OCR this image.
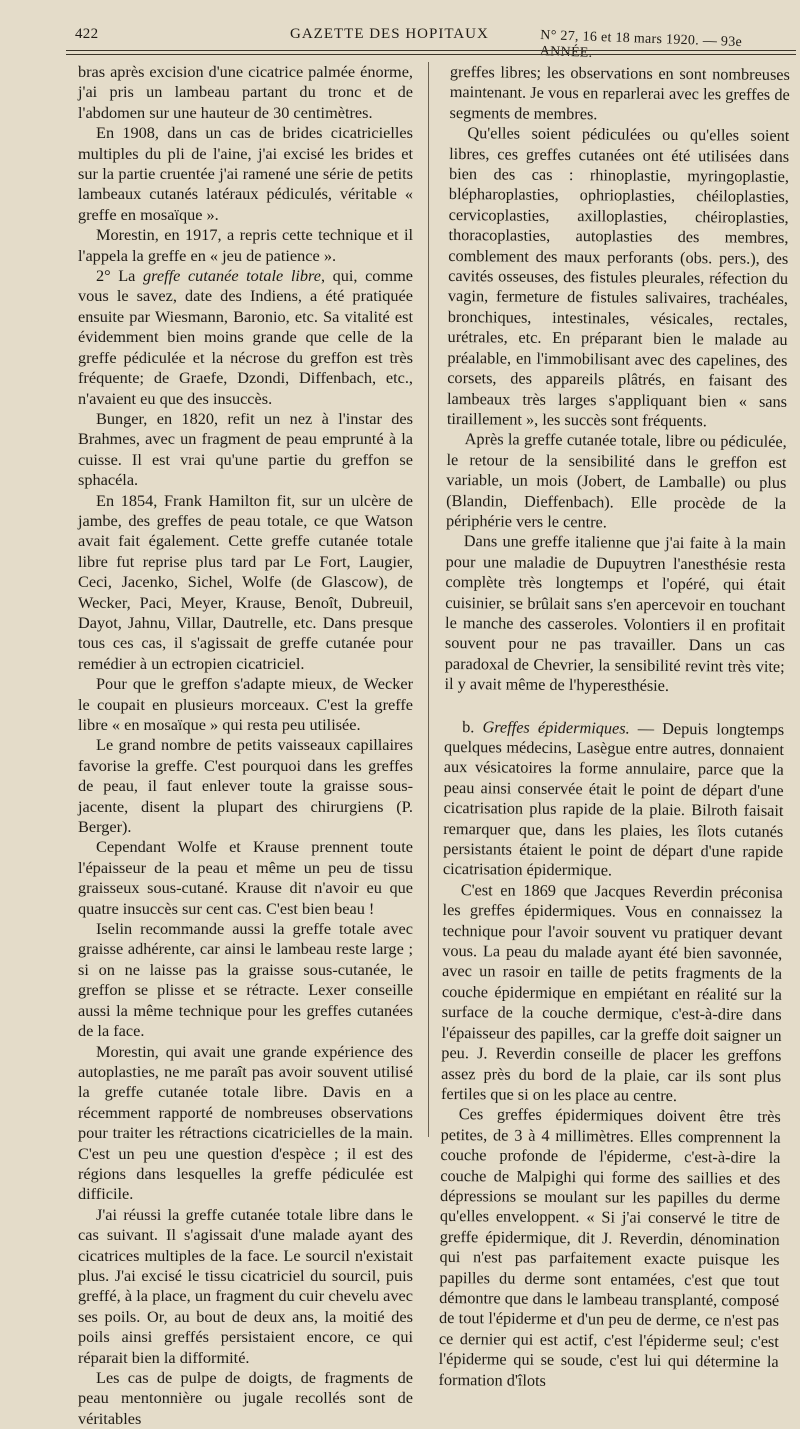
422	GAZETTE DES HOPITAUX	N° 27, 16 et 18 mars 1920. — 93e ANNÉE.

bras après excision d'une cicatrice palmée énorme, j'ai pris un lambeau partant du tronc et de l'abdomen sur une hauteur de 30 centimètres.

En 1908, dans un cas de brides cicatricielles multiples du pli de l'aine, j'ai excisé les brides et sur la partie cruentée j'ai ramené une série de petits lambeaux cutanés latéraux pédiculés, véritable « greffe en mosaïque ».

Morestin, en 1917, a repris cette technique et il l'appela la greffe en « jeu de patience ».

2° La greffe cutanée totale libre, qui, comme vous le savez, date des Indiens, a été pratiquée ensuite par Wiesmann, Baronio, etc. Sa vitalité est évidemment bien moins grande que celle de la greffe pédiculée et la nécrose du greffon est très fréquente; de Graefe, Dzondi, Diffenbach, etc., n'avaient eu que des insuccès.

Bunger, en 1820, refit un nez à l'instar des Brahmes, avec un fragment de peau emprunté à la cuisse. Il est vrai qu'une partie du greffon se sphacéla.

En 1854, Frank Hamilton fit, sur un ulcère de jambe, des greffes de peau totale, ce que Watson avait fait également. Cette greffe cutanée totale libre fut reprise plus tard par Le Fort, Laugier, Ceci, Jacenko, Sichel, Wolfe (de Glascow), de Wecker, Paci, Meyer, Krause, Benoît, Dubreuil, Dayot, Jahnu, Villar, Dautrelle, etc. Dans presque tous ces cas, il s'agissait de greffe cutanée pour remédier à un ectropien cicatriciel.

Pour que le greffon s'adapte mieux, de Wecker le coupait en plusieurs morceaux. C'est la greffe libre « en mosaïque » qui resta peu utilisée.

Le grand nombre de petits vaisseaux capillaires favorise la greffe. C'est pourquoi dans les greffes de peau, il faut enlever toute la graisse sous-jacente, disent la plupart des chirurgiens (P. Berger).

Cependant Wolfe et Krause prennent toute l'épaisseur de la peau et même un peu de tissu graisseux sous-cutané. Krause dit n'avoir eu que quatre insuccès sur cent cas. C'est bien beau !

Iselin recommande aussi la greffe totale avec graisse adhérente, car ainsi le lambeau reste large ; si on ne laisse pas la graisse sous-cutanée, le greffon se plisse et se rétracte. Lexer conseille aussi la même technique pour les greffes cutanées de la face.

Morestin, qui avait une grande expérience des autoplasties, ne me paraît pas avoir souvent utilisé la greffe cutanée totale libre. Davis en a récemment rapporté de nombreuses observations pour traiter les rétractions cicatricielles de la main. C'est un peu une question d'espèce ; il est des régions dans lesquelles la greffe pédiculée est difficile.

J'ai réussi la greffe cutanée totale libre dans le cas suivant. Il s'agissait d'une malade ayant des cicatrices multiples de la face. Le sourcil n'existait plus. J'ai excisé le tissu cicatriciel du sourcil, puis greffé, à la place, un fragment du cuir chevelu avec ses poils. Or, au bout de deux ans, la moitié des poils ainsi greffés persistaient encore, ce qui réparait bien la difformité.

Les cas de pulpe de doigts, de fragments de peau mentonnière ou jugale recollés sont de véritables

greffes libres; les observations en sont nombreuses maintenant. Je vous en reparlerai avec les greffes de segments de membres.

Qu'elles soient pédiculées ou qu'elles soient libres, ces greffes cutanées ont été utilisées dans bien des cas : rhinoplastie, myringoplastie, blépharoplasties, ophrioplasties, chéiloplasties, cervicoplasties, axilloplasties, chéiroplasties, thoracoplasties, autoplasties des membres, comblement des maux perforants (obs. pers.), des cavités osseuses, des fistules pleurales, réfection du vagin, fermeture de fistules salivaires, trachéales, bronchiques, intestinales, vésicales, rectales, urétrales, etc. En préparant bien le malade au préalable, en l'immobilisant avec des capelines, des corsets, des appareils plâtrés, en faisant des lambeaux très larges s'appliquant bien « sans tiraillement », les succès sont fréquents.

Après la greffe cutanée totale, libre ou pédiculée, le retour de la sensibilité dans le greffon est variable, un mois (Jobert, de Lamballe) ou plus (Blandin, Dieffenbach). Elle procède de la périphérie vers le centre.

Dans une greffe italienne que j'ai faite à la main pour une maladie de Dupuytren l'anesthésie resta complète très longtemps et l'opéré, qui était cuisinier, se brûlait sans s'en apercevoir en touchant le manche des casseroles. Volontiers il en profitait souvent pour ne pas travailler. Dans un cas paradoxal de Chevrier, la sensibilité revint très vite; il y avait même de l'hyperesthésie.

b. Greffes épidermiques. — Depuis longtemps quelques médecins, Lasègue entre autres, donnaient aux vésicatoires la forme annulaire, parce que la peau ainsi conservée était le point de départ d'une cicatrisation plus rapide de la plaie. Bilroth faisait remarquer que, dans les plaies, les îlots cutanés persistants étaient le point de départ d'une rapide cicatrisation épidermique.

C'est en 1869 que Jacques Reverdin préconisa les greffes épidermiques. Vous en connaissez la technique pour l'avoir souvent vu pratiquer devant vous. La peau du malade ayant été bien savonnée, avec un rasoir en taille de petits fragments de la couche épidermique en empiétant en réalité sur la surface de la couche dermique, c'est-à-dire dans l'épaisseur des papilles, car la greffe doit saigner un peu. J. Reverdin conseille de placer les greffons assez près du bord de la plaie, car ils sont plus fertiles que si on les place au centre.

Ces greffes épidermiques doivent être très petites, de 3 à 4 millimètres. Elles comprennent la couche profonde de l'épiderme, c'est-à-dire la couche de Malpighi qui forme des saillies et des dépressions se moulant sur les papilles du derme qu'elles enveloppent. « Si j'ai conservé le titre de greffe épidermique, dit J. Reverdin, dénomination qui n'est pas parfaitement exacte puisque les papilles du derme sont entamées, c'est que tout démontre que dans le lambeau transplanté, composé de tout l'épiderme et d'un peu de derme, ce n'est pas ce dernier qui est actif, c'est l'épiderme seul; c'est l'épiderme qui se soude, c'est lui qui détermine la formation d'îlots
